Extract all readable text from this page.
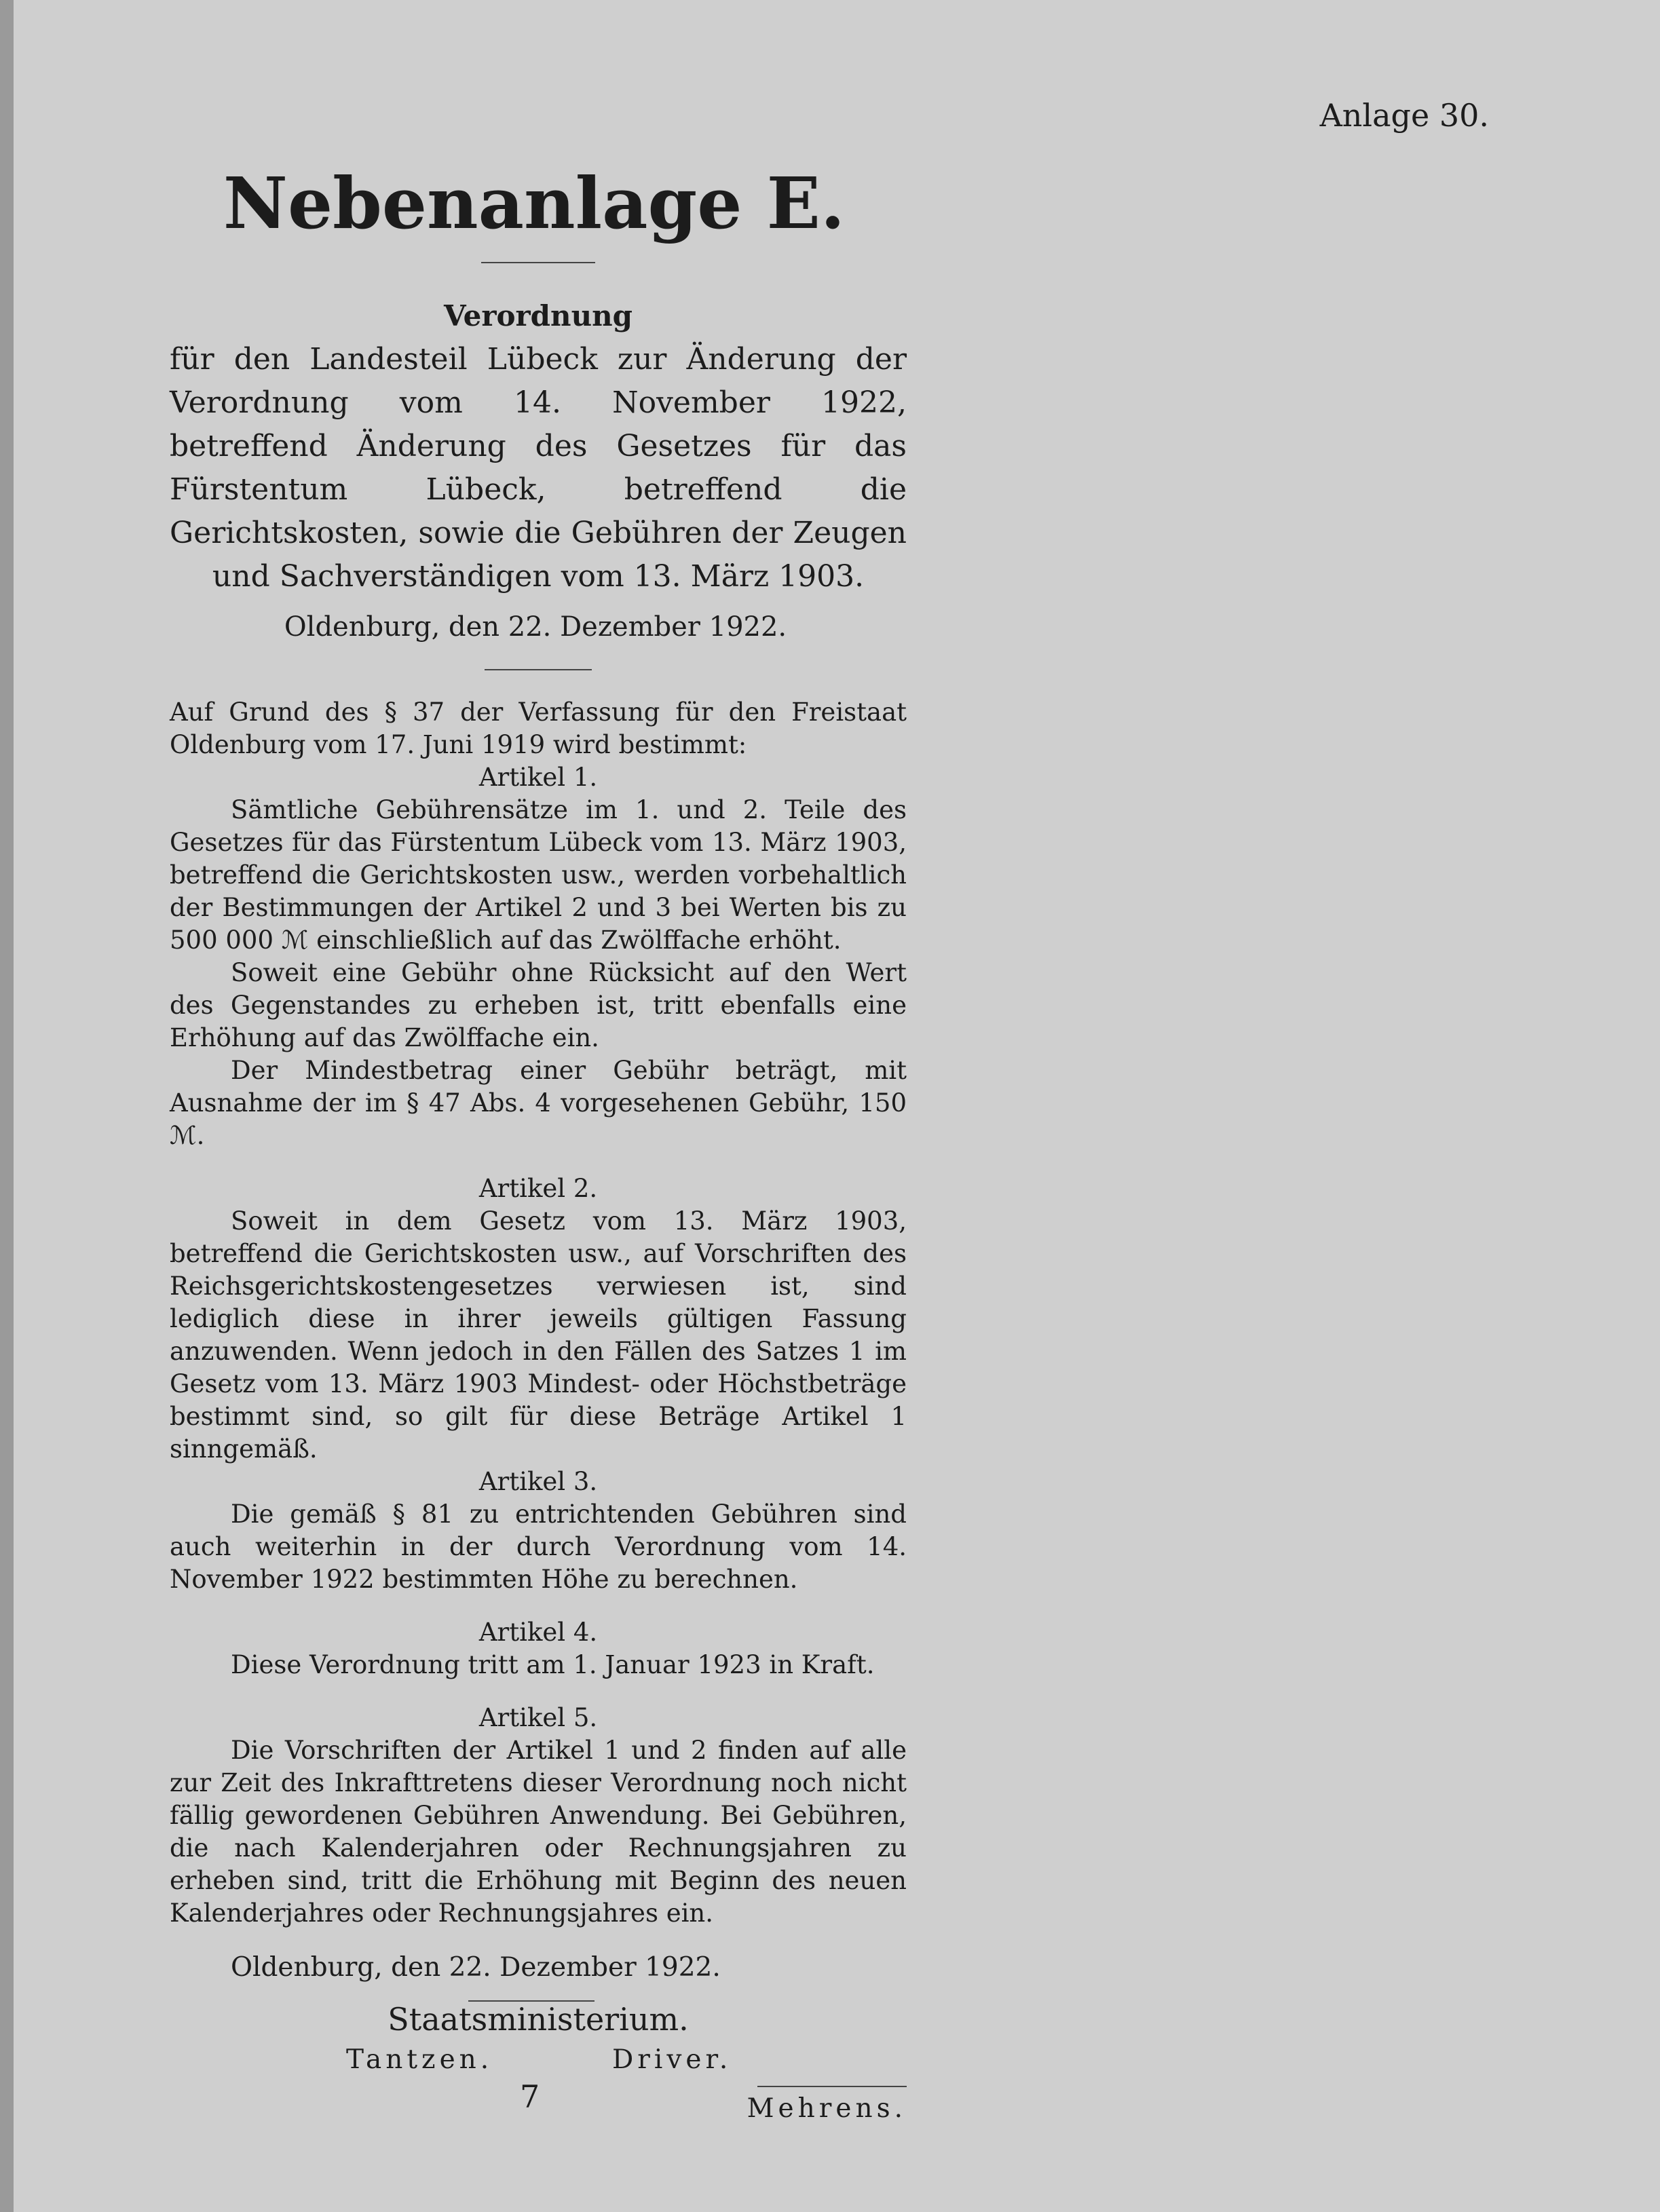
Anlage 30.

Nebenanlage E.
Verordnung

für den Landesteil Lübeck zur Änderung der Verordnung vom 14. November 1922, betreffend Änderung des Gesetzes für das Fürstentum Lübeck, betreffend die Gerichtskosten, sowie die Gebühren der Zeugen und Sachverständigen vom 13. März 1903.

Oldenburg, den 22. Dezember 1922.

Auf Grund des § 37 der Verfassung für den Freistaat Oldenburg vom 17. Juni 1919 wird bestimmt:

Artikel 1.

Sämtliche Gebührensätze im 1. und 2. Teile des Gesetzes für das Fürstentum Lübeck vom 13. März 1903, betreffend die Gerichtskosten usw., werden vorbehaltlich der Bestimmungen der Artikel 2 und 3 bei Werten bis zu 500 000 ℳ einschließlich auf das Zwölffache erhöht.

Soweit eine Gebühr ohne Rücksicht auf den Wert des Gegenstandes zu erheben ist, tritt ebenfalls eine Erhöhung auf das Zwölffache ein.

Der Mindestbetrag einer Gebühr beträgt, mit Ausnahme der im § 47 Abs. 4 vorgesehenen Gebühr, 150 ℳ.

Artikel 2.

Soweit in dem Gesetz vom 13. März 1903, betreffend die Gerichtskosten usw., auf Vorschriften des Reichsgerichtskostengesetzes verwiesen ist, sind lediglich diese in ihrer jeweils gültigen Fassung anzuwenden. Wenn jedoch in den Fällen des Satzes 1 im Gesetz vom 13. März 1903 Mindest- oder Höchstbeträge bestimmt sind, so gilt für diese Beträge Artikel 1 sinngemäß.

Artikel 3.

Die gemäß § 81 zu entrichtenden Gebühren sind auch weiterhin in der durch Verordnung vom 14. November 1922 bestimmten Höhe zu berechnen.

Artikel 4.

Diese Verordnung tritt am 1. Januar 1923 in Kraft.

Artikel 5.

Die Vorschriften der Artikel 1 und 2 finden auf alle zur Zeit des Inkrafttretens dieser Verordnung noch nicht fällig gewordenen Gebühren Anwendung. Bei Gebühren, die nach Kalenderjahren oder Rechnungsjahren zu erheben sind, tritt die Erhöhung mit Beginn des neuen Kalenderjahres oder Rechnungsjahres ein.

Oldenburg, den 22. Dezember 1922.

Staatsministerium.

Tantzen.	Driver.

Mehrens.

7
